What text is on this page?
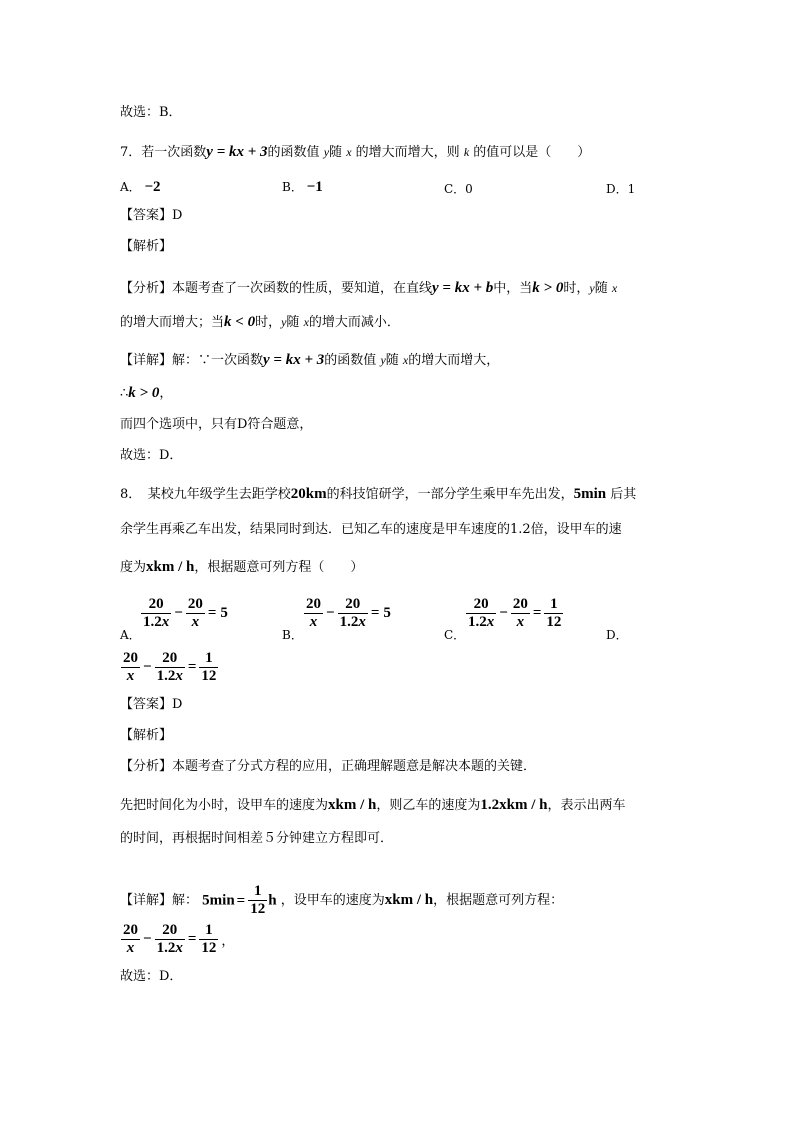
故选：B．
7．若一次函数y = kx + 3的函数值 y随 x 的增大而增大，则 k 的值可以是（　　）
A． −2	B． −1	C．0	D．1
【答案】D
【解析】
【分析】本题考查了一次函数的性质，要知道，在直线y = kx + b中，当k > 0时，y随 x
的增大而增大；当k < 0时，y随 x的增大而减小．
【详解】解：∵一次函数y = kx + 3的函数值 y随 x的增大而增大，
∴k > 0，
而四个选项中，只有D符合题意，
故选：D．
8．　某校九年级学生去距学校20km的科技馆研学，一部分学生乘甲车先出发，5min 后其
余学生再乘乙车出发，结果同时到达．已知乙车的速度是甲车速度的1.2倍，设甲车的速
度为xkm / h，根据题意可列方程（　　）
A．
$\frac{20}{1.2x} - \frac{20}{x} = 5$
B．
$\frac{20}{x} - \frac{20}{1.2x} = 5$
C．
$\frac{20}{1.2x} - \frac{20}{x} = \frac{1}{12}$
D．
$\frac{20}{x} - \frac{20}{1.2x} = \frac{1}{12}$
【答案】D
【解析】
【分析】本题考查了分式方程的应用，正确理解题意是解决本题的关键．
先把时间化为小时，设甲车的速度为xkm / h，则乙车的速度为1.2xkm / h，表示出两车
的时间，再根据时间相差５分钟建立方程即可．
【详解】解： $5\min = \frac{1}{12}$ h ，设甲车的速度为xkm / h，根据题意可列方程：
$\frac{20}{x} - \frac{20}{1.2x} = \frac{1}{12}$ ，
故选：D．
